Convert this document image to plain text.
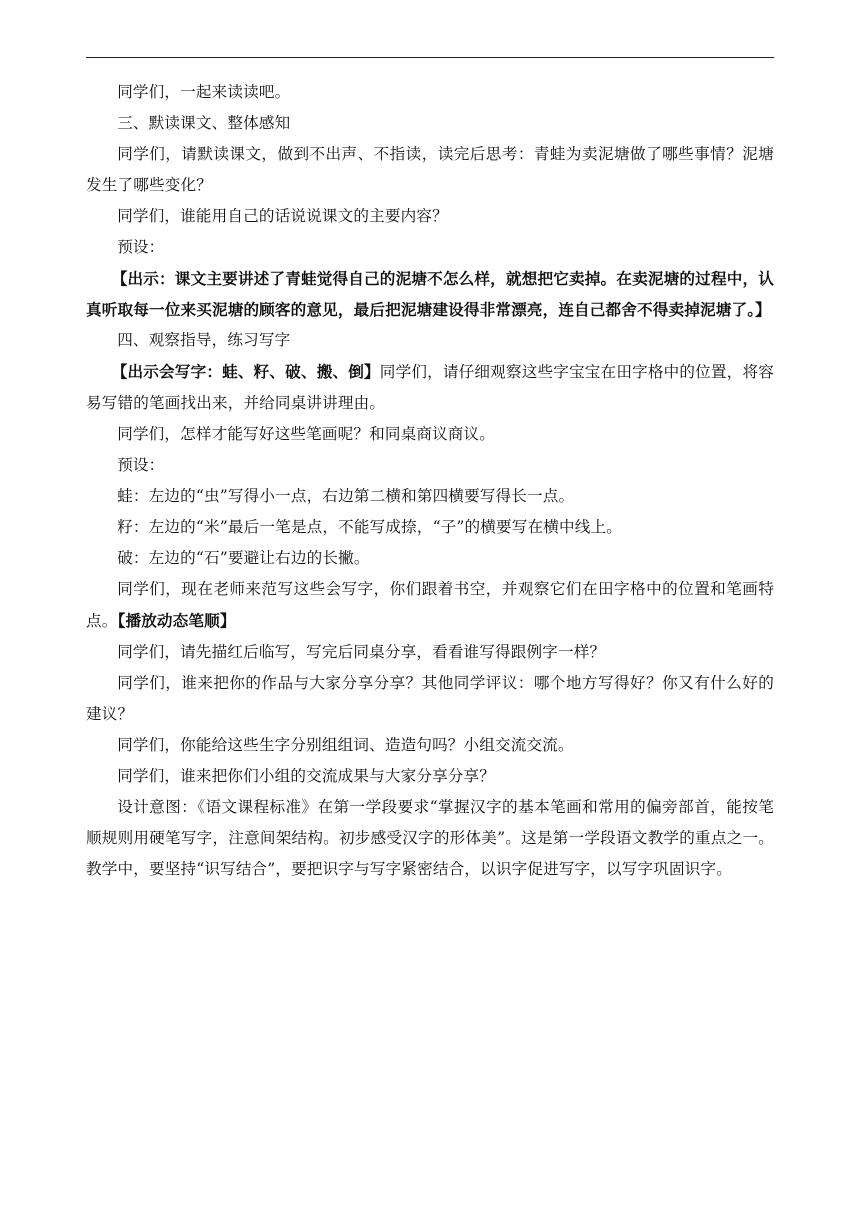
同学们，一起来读读吧。

三、默读课文、整体感知

同学们，请默读课文，做到不出声、不指读，读完后思考：青蛙为卖泥塘做了哪些事情？泥塘发生了哪些变化？

同学们，谁能用自己的话说说课文的主要内容？

预设：

【出示：课文主要讲述了青蛙觉得自己的泥塘不怎么样，就想把它卖掉。在卖泥塘的过程中，认真听取每一位来买泥塘的顾客的意见，最后把泥塘建设得非常漂亮，连自己都舍不得卖掉泥塘了。】

四、观察指导，练习写字

【出示会写字：蛙、籽、破、搬、倒】同学们，请仔细观察这些字宝宝在田字格中的位置，将容易写错的笔画找出来，并给同桌讲讲理由。

同学们，怎样才能写好这些笔画呢？和同桌商议商议。

预设：

蛙：左边的“虫”写得小一点，右边第二横和第四横要写得长一点。

籽：左边的“米”最后一笔是点，不能写成捺，“子”的横要写在横中线上。

破：左边的“石”要避让右边的长撇。

同学们，现在老师来范写这些会写字，你们跟着书空，并观察它们在田字格中的位置和笔画特点。【播放动态笔顺】

同学们，请先描红后临写，写完后同桌分享，看看谁写得跟例字一样？

同学们，谁来把你的作品与大家分享分享？其他同学评议：哪个地方写得好？你又有什么好的建议？

同学们，你能给这些生字分别组组词、造造句吗？小组交流交流。

同学们，谁来把你们小组的交流成果与大家分享分享？

设计意图：《语文课程标准》在第一学段要求“掌握汉字的基本笔画和常用的偏旁部首，能按笔顺规则用硬笔写字，注意间架结构。初步感受汉字的形体美”。这是第一学段语文教学的重点之一。教学中，要坚持“识写结合”，要把识字与写字紧密结合，以识字促进写字，以写字巩固识字。
